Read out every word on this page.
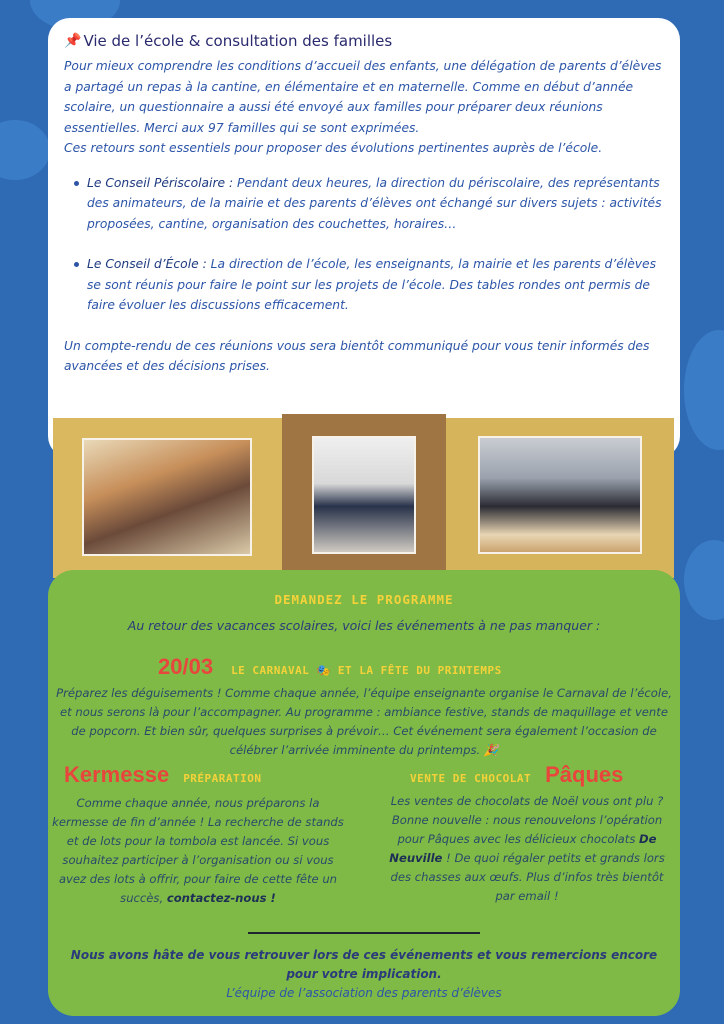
📌 Vie de l’école & consultation des familles

Pour mieux comprendre les conditions d’accueil des enfants, une délégation de parents d’élèves a partagé un repas à la cantine, en élémentaire et en maternelle. Comme en début d’année scolaire, un questionnaire a aussi été envoyé aux familles pour préparer deux réunions essentielles. Merci aux 97 familles qui se sont exprimées.

Ces retours sont essentiels pour proposer des évolutions pertinentes auprès de l’école.

Le Conseil Périscolaire : Pendant deux heures, la direction du périscolaire, des représentants des animateurs, de la mairie et des parents d’élèves ont échangé sur divers sujets : activités proposées, cantine, organisation des couchettes, horaires…

Le Conseil d’École : La direction de l’école, les enseignants, la mairie et les parents d’élèves se sont réunis pour faire le point sur les projets de l’école. Des tables rondes ont permis de faire évoluer les discussions efficacement.

Un compte-rendu de ces réunions vous sera bientôt communiqué pour vous tenir informés des avancées et des décisions prises.

DEMANDEZ LE PROGRAMME
Au retour des vacances scolaires, voici les événements à ne pas manquer :
20/03 LE CARNAVAL 🎭 ET LA FÊTE DU PRINTEMPS

Préparez les déguisements ! Comme chaque année, l’équipe enseignante organise le Carnaval de l’école, et nous serons là pour l’accompagner. Au programme : ambiance festive, stands de maquillage et vente de popcorn. Et bien sûr, quelques surprises à prévoir… Cet événement sera également l’occasion de célébrer l’arrivée imminente du printemps. 🎉

Kermesse PRÉPARATION

Comme chaque année, nous préparons la kermesse de fin d’année ! La recherche de stands et de lots pour la tombola est lancée. Si vous souhaitez participer à l’organisation ou si vous avez des lots à offrir, pour faire de cette fête un succès, contactez-nous !

VENTE DE CHOCOLAT Pâques

Les ventes de chocolats de Noël vous ont plu ? Bonne nouvelle : nous renouvelons l’opération pour Pâques avec les délicieux chocolats De Neuville ! De quoi régaler petits et grands lors des chasses aux œufs. Plus d’infos très bientôt par email !

Nous avons hâte de vous retrouver lors de ces événements et vous remercions encore pour votre implication.

L’équipe de l’association des parents d’élèves
